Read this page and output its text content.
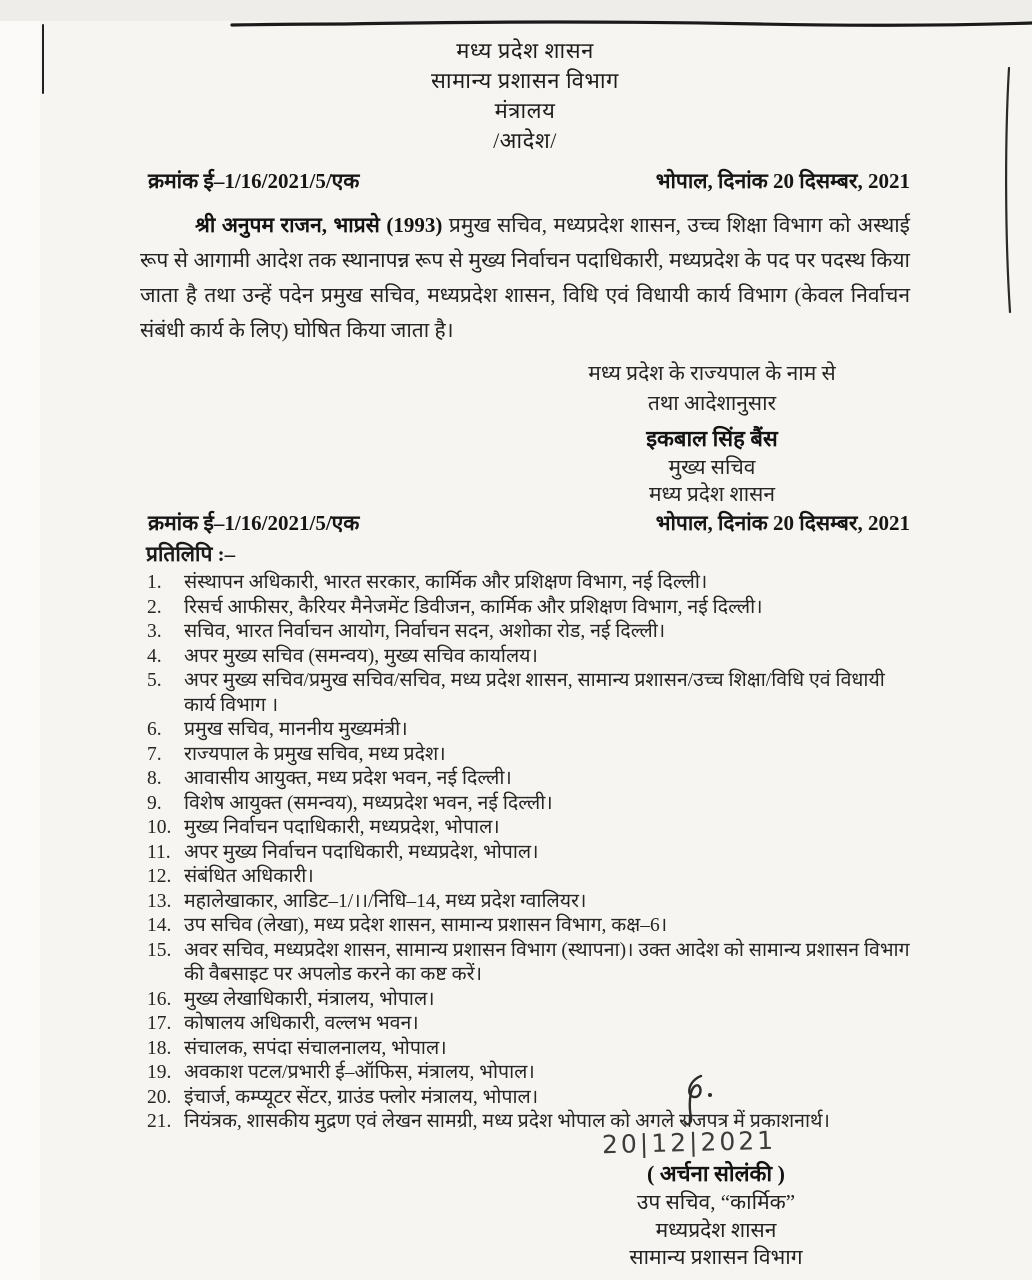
मध्य प्रदेश शासन
सामान्य प्रशासन विभाग
मंत्रालय
/आदेश/
क्रमांक ई–1/16/2021/5/एक	भोपाल, दिनांक 20 दिसम्बर, 2021
श्री अनुपम राजन, भाप्रसे (1993) प्रमुख सचिव, मध्यप्रदेश शासन, उच्च शिक्षा विभाग को अस्थाई रूप से आगामी आदेश तक स्थानापन्न रूप से मुख्य निर्वाचन पदाधिकारी, मध्यप्रदेश के पद पर पदस्थ किया जाता है तथा उन्हें पदेन प्रमुख सचिव, मध्यप्रदेश शासन, विधि एवं विधायी कार्य विभाग (केवल निर्वाचन संबंधी कार्य के लिए) घोषित किया जाता है।
मध्य प्रदेश के राज्यपाल के नाम से
तथा आदेशानुसार
इकबाल सिंह बैंस
मुख्य सचिव
मध्य प्रदेश शासन
क्रमांक ई–1/16/2021/5/एक	भोपाल, दिनांक 20 दिसम्बर, 2021
प्रतिलिपि :–
1.	संस्थापन अधिकारी, भारत सरकार, कार्मिक और प्रशिक्षण विभाग, नई दिल्ली।
2.	रिसर्च आफीसर, कैरियर मैनेजमेंट डिवीजन, कार्मिक और प्रशिक्षण विभाग, नई दिल्ली।
3.	सचिव, भारत निर्वाचन आयोग, निर्वाचन सदन, अशोका रोड, नई दिल्ली।
4.	अपर मुख्य सचिव (समन्वय), मुख्य सचिव कार्यालय।
5.	अपर मुख्य सचिव/प्रमुख सचिव/सचिव, मध्य प्रदेश शासन, सामान्य प्रशासन/उच्च शिक्षा/विधि एवं विधायी कार्य विभाग ।
6.	प्रमुख सचिव, माननीय मुख्यमंत्री।
7.	राज्यपाल के प्रमुख सचिव, मध्य प्रदेश।
8.	आवासीय आयुक्त, मध्य प्रदेश भवन, नई दिल्ली।
9.	विशेष आयुक्त (समन्वय), मध्यप्रदेश भवन, नई दिल्ली।
10. मुख्य निर्वाचन पदाधिकारी, मध्यप्रदेश, भोपाल।
11. अपर मुख्य निर्वाचन पदाधिकारी, मध्यप्रदेश, भोपाल।
12. संबंधित अधिकारी।
13. महालेखाकार, आडिट–1/।।/निधि–14, मध्य प्रदेश ग्वालियर।
14. उप सचिव (लेखा), मध्य प्रदेश शासन, सामान्य प्रशासन विभाग, कक्ष–6।
15. अवर सचिव, मध्यप्रदेश शासन, सामान्य प्रशासन विभाग (स्थापना)। उक्त आदेश को सामान्य प्रशासन विभाग की वैबसाइट पर अपलोड करने का कष्ट करें।
16. मुख्य लेखाधिकारी, मंत्रालय, भोपाल।
17. कोषालय अधिकारी, वल्लभ भवन।
18. संचालक, सपंदा संचालनालय, भोपाल।
19. अवकाश पटल/प्रभारी ई–ऑफिस, मंत्रालय, भोपाल।
20. इंचार्ज, कम्प्यूटर सेंटर, ग्राउंड फ्लोर मंत्रालय, भोपाल।
21. नियंत्रक, शासकीय मुद्रण एवं लेखन सामग्री, मध्य प्रदेश भोपाल को अगले राजपत्र में प्रकाशनार्थ।
20|12|2021
( अर्चना सोलंकी )
उप सचिव, “कार्मिक”
मध्यप्रदेश शासन
सामान्य प्रशासन विभाग
